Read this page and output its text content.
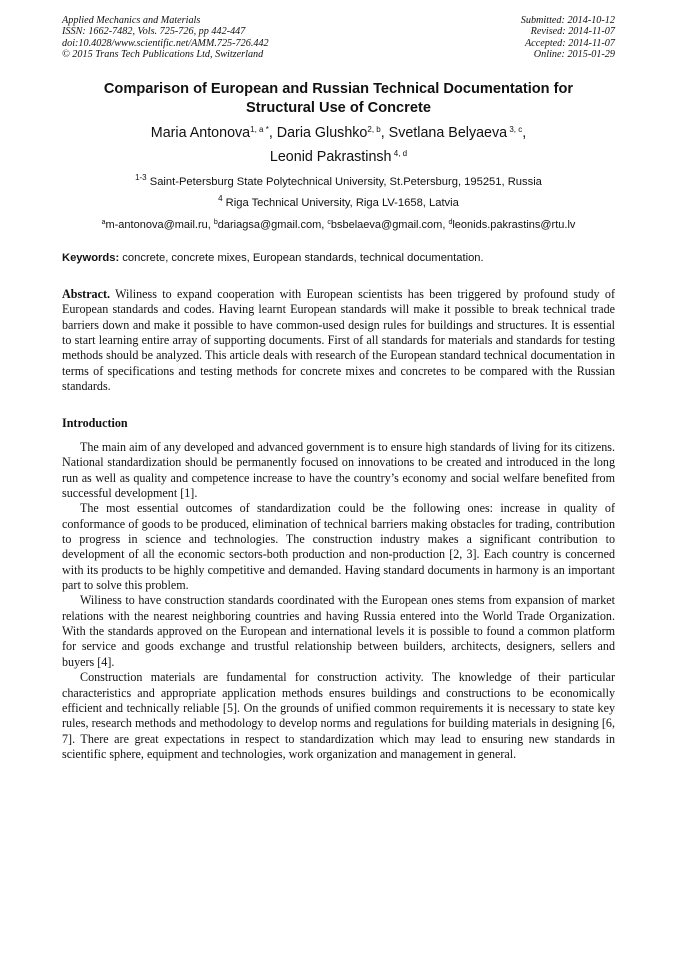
Applied Mechanics and Materials
ISSN: 1662-7482, Vols. 725-726, pp 442-447
doi:10.4028/www.scientific.net/AMM.725-726.442
© 2015 Trans Tech Publications Ltd, Switzerland
Submitted: 2014-10-12
Revised: 2014-11-07
Accepted: 2014-11-07
Online: 2015-01-29
Comparison of European and Russian Technical Documentation for
Structural Use of Concrete
Maria Antonova$^{1, a *}$, Daria Glushko$^{2, b}$, Svetlana Belyaeva $^{3, c}$,
Leonid Pakrastinsh $^{4, d}$
$^{1-3}$ Saint-Petersburg State Polytechnical University, St.Petersburg, 195251, Russia
$^4$ Riga Technical University, Riga LV-1658, Latvia
$^a$m-antonova@mail.ru, $^b$dariagsa@gmail.com, $^c$bsbelaeva@gmail.com, $^d$leonids.pakrastins@rtu.lv
Keywords: concrete, concrete mixes, European standards, technical documentation.

Abstract. Wiliness to expand cooperation with European scientists has been triggered by profound study of European standards and codes. Having learnt European standards will make it possible to break technical trade barriers down and make it possible to have common-used design rules for buildings and structures. It is essential to start learning entire array of supporting documents. First of all standards for materials and standards for testing methods should be analyzed. This article deals with research of the European standard technical documentation in terms of specifications and testing methods for concrete mixes and concretes to be compared with the Russian standards.

Introduction

The main aim of any developed and advanced government is to ensure high standards of living for its citizens. National standardization should be permanently focused on innovations to be created and introduced in the long run as well as quality and competence increase to have the country’s economy and social welfare benefited from successful development [1].

The most essential outcomes of standardization could be the following ones: increase in quality of conformance of goods to be produced, elimination of technical barriers making obstacles for trading, contribution to progress in science and technologies. The construction industry makes a significant contribution to development of all the economic sectors-both production and non-production [2, 3]. Each country is concerned with its products to be highly competitive and demanded. Having standard documents in harmony is an important part to solve this problem.

Wiliness to have construction standards coordinated with the European ones stems from expansion of market relations with the nearest neighboring countries and having Russia entered into the World Trade Organization. With the standards approved on the European and international levels it is possible to found a common platform for service and goods exchange and trustful relationship between builders, architects, designers, sellers and buyers [4].

Construction materials are fundamental for construction activity. The knowledge of their particular characteristics and appropriate application methods ensures buildings and constructions to be economically efficient and technically reliable [5]. On the grounds of unified common requirements it is necessary to state key rules, research methods and methodology to develop norms and regulations for building materials in designing [6, 7]. There are great expectations in respect to standardization which may lead to ensuring new standards in scientific sphere, equipment and technologies, work organization and management in general.
